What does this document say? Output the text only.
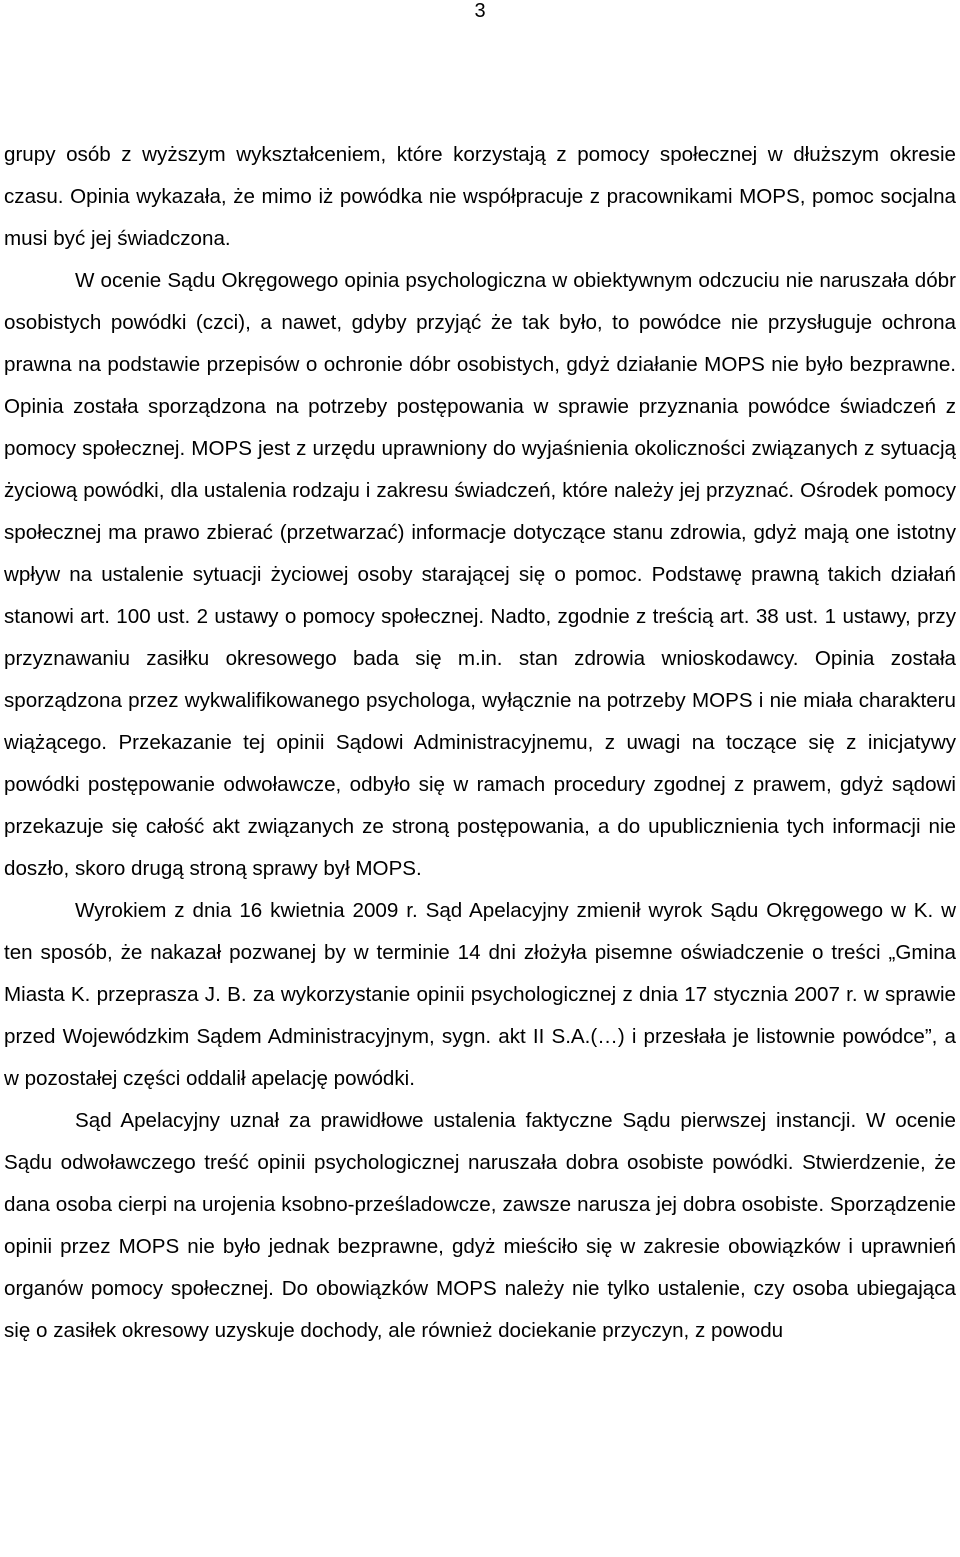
3

grupy osób z wyższym wykształceniem, które korzystają z pomocy społecznej w dłuższym okresie czasu. Opinia wykazała, że mimo iż powódka nie współpracuje z pracownikami MOPS, pomoc socjalna musi być jej świadczona.

W ocenie Sądu Okręgowego opinia psychologiczna w obiektywnym odczuciu nie naruszała dóbr osobistych powódki (czci), a nawet, gdyby przyjąć że tak było, to powódce nie przysługuje ochrona prawna na podstawie przepisów o ochronie dóbr osobistych, gdyż działanie MOPS nie było bezprawne. Opinia została sporządzona na potrzeby postępowania w sprawie przyznania powódce świadczeń z pomocy społecznej. MOPS jest z urzędu uprawniony do wyjaśnienia okoliczności związanych z sytuacją życiową powódki, dla ustalenia rodzaju i zakresu świadczeń, które należy jej przyznać. Ośrodek pomocy społecznej ma prawo zbierać (przetwarzać) informacje dotyczące stanu zdrowia, gdyż mają one istotny wpływ na ustalenie sytuacji życiowej osoby starającej się o pomoc. Podstawę prawną takich działań stanowi art. 100 ust. 2 ustawy o pomocy społecznej. Nadto, zgodnie z treścią art. 38 ust. 1 ustawy, przy przyznawaniu zasiłku okresowego bada się m.in. stan zdrowia wnioskodawcy. Opinia została sporządzona przez wykwalifikowanego psychologa, wyłącznie na potrzeby MOPS i nie miała charakteru wiążącego. Przekazanie tej opinii Sądowi Administracyjnemu, z uwagi na toczące się z inicjatywy powódki postępowanie odwoławcze, odbyło się w ramach procedury zgodnej z prawem, gdyż sądowi przekazuje się całość akt związanych ze stroną postępowania, a do upublicznienia tych informacji nie doszło, skoro drugą stroną sprawy był MOPS.

Wyrokiem z dnia 16 kwietnia 2009 r. Sąd Apelacyjny zmienił wyrok Sądu Okręgowego w K. w ten sposób, że nakazał pozwanej by w terminie 14 dni złożyła pisemne oświadczenie o treści „Gmina Miasta K. przeprasza J. B. za wykorzystanie opinii psychologicznej z dnia 17 stycznia 2007 r. w sprawie przed Wojewódzkim Sądem Administracyjnym, sygn. akt II S.A.(…) i przesłała je listownie powódce”, a w pozostałej części oddalił apelację powódki.

Sąd Apelacyjny uznał za prawidłowe ustalenia faktyczne Sądu pierwszej instancji. W ocenie Sądu odwoławczego treść opinii psychologicznej naruszała dobra osobiste powódki. Stwierdzenie, że dana osoba cierpi na urojenia ksobno-prześladowcze, zawsze narusza jej dobra osobiste. Sporządzenie opinii przez MOPS nie było jednak bezprawne, gdyż mieściło się w zakresie obowiązków i uprawnień organów pomocy społecznej. Do obowiązków MOPS należy nie tylko ustalenie, czy osoba ubiegająca się o zasiłek okresowy uzyskuje dochody, ale również dociekanie przyczyn, z powodu
